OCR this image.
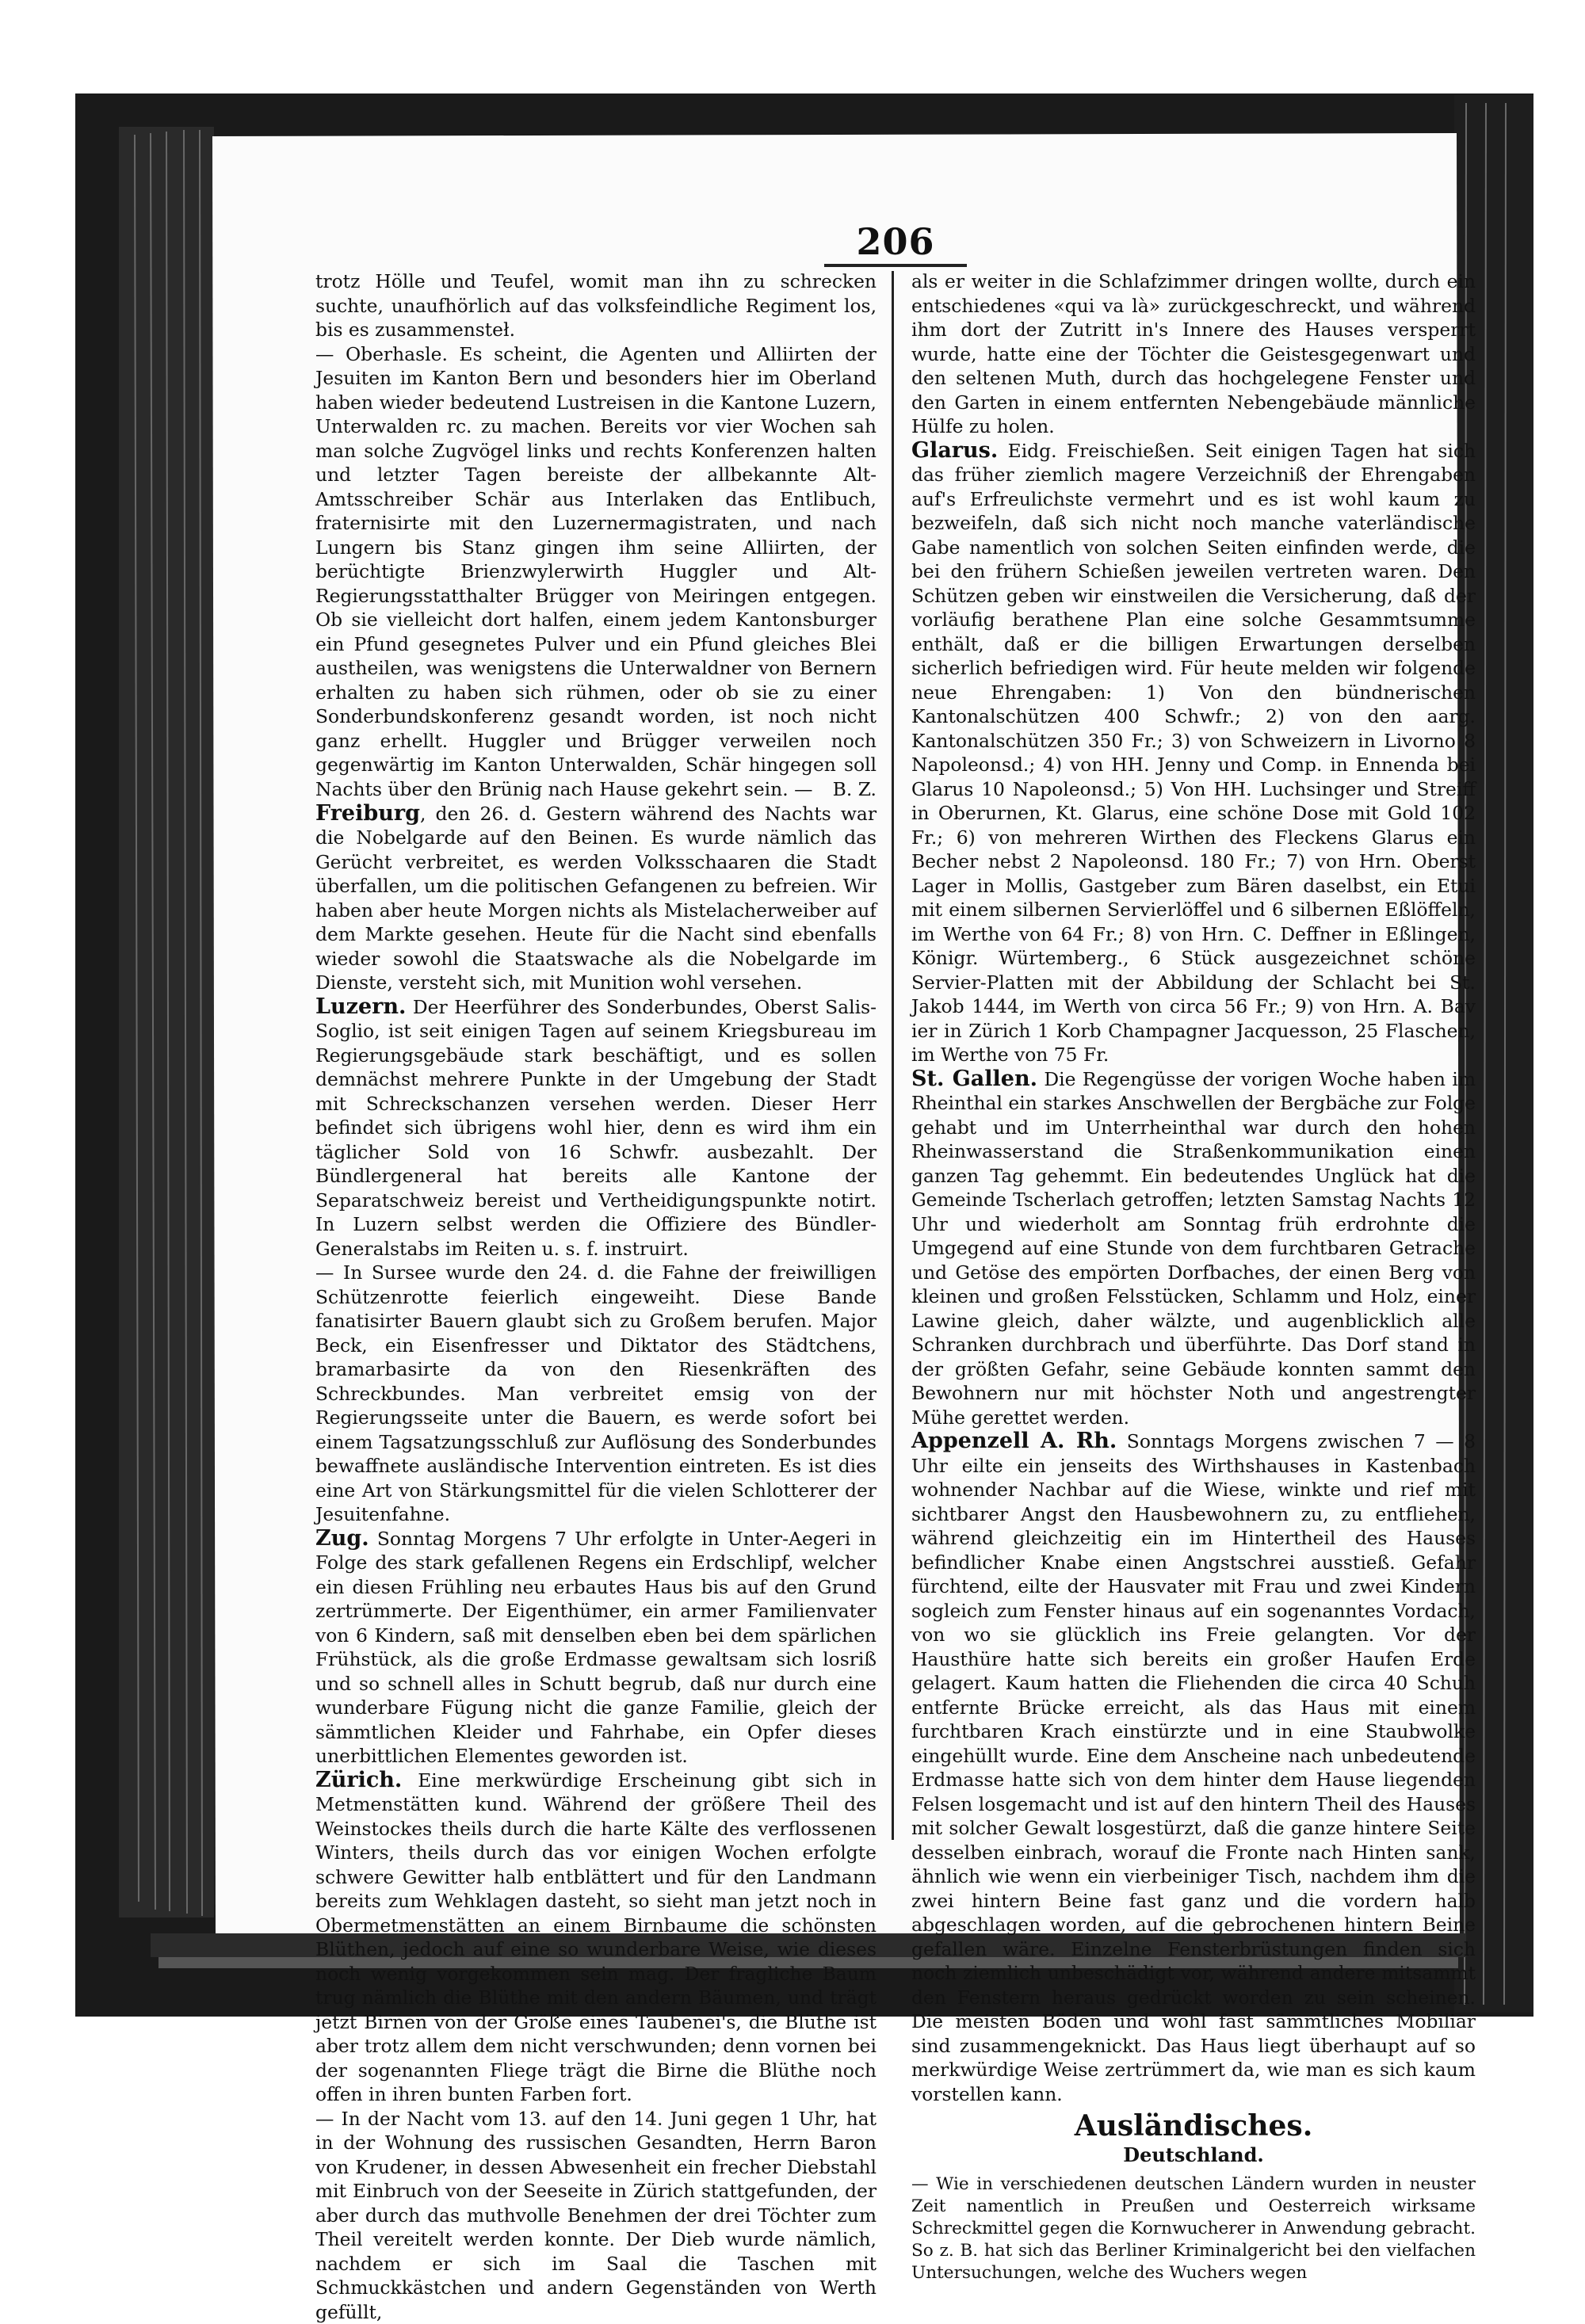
206

trotz Hölle und Teufel, womit man ihn zu schrecken suchte, unaufhörlich auf das volksfeindliche Regiment los, bis es zusammensteł.

— Oberhasle. Es scheint, die Agenten und Alliirten der Jesuiten im Kanton Bern und besonders hier im Oberland haben wieder bedeutend Lustreisen in die Kantone Luzern, Unterwalden rc. zu machen. Bereits vor vier Wochen sah man solche Zugvögel links und rechts Konferenzen halten und letzter Tagen bereiste der allbekannte Alt-Amtsschreiber Schär aus Interlaken das Entlibuch, fraternisirte mit den Luzernermagistraten, und nach Lungern bis Stanz gingen ihm seine Alliirten, der berüchtigte Brienzwylerwirth Huggler und Alt-Regierungsstatthalter Brügger von Meiringen entgegen. Ob sie vielleicht dort halfen, einem jedem Kantonsburger ein Pfund gesegnetes Pulver und ein Pfund gleiches Blei austheilen, was wenigstens die Unterwaldner von Bernern erhalten zu haben sich rühmen, oder ob sie zu einer Sonderbundskonferenz gesandt worden, ist noch nicht ganz erhellt. Huggler und Brügger verweilen noch gegenwärtig im Kanton Unterwalden, Schär hingegen soll Nachts über den Brünig nach Hause gekehrt sein. —	B. Z.

Freiburg, den 26. d. Gestern während des Nachts war die Nobelgarde auf den Beinen. Es wurde nämlich das Gerücht verbreitet, es werden Volksschaaren die Stadt überfallen, um die politischen Gefangenen zu befreien. Wir haben aber heute Morgen nichts als Mistelacherweiber auf dem Markte gesehen. Heute für die Nacht sind ebenfalls wieder sowohl die Staatswache als die Nobelgarde im Dienste, versteht sich, mit Munition wohl versehen.

Luzern. Der Heerführer des Sonderbundes, Oberst Salis-Soglio, ist seit einigen Tagen auf seinem Kriegsbureau im Regierungsgebäude stark beschäftigt, und es sollen demnächst mehrere Punkte in der Umgebung der Stadt mit Schreckschanzen versehen werden. Dieser Herr befindet sich übrigens wohl hier, denn es wird ihm ein täglicher Sold von 16 Schwfr. ausbezahlt. Der Bündlergeneral hat bereits alle Kantone der Separatschweiz bereist und Vertheidigungspunkte notirt. In Luzern selbst werden die Offiziere des Bündler-Generalstabs im Reiten u. s. f. instruirt.

— In Sursee wurde den 24. d. die Fahne der freiwilligen Schützenrotte feierlich eingeweiht. Diese Bande fanatisirter Bauern glaubt sich zu Großem berufen. Major Beck, ein Eisenfresser und Diktator des Städtchens, bramarbasirte da von den Riesenkräften des Schreckbundes. Man verbreitet emsig von der Regierungsseite unter die Bauern, es werde sofort bei einem Tagsatzungsschluß zur Auflösung des Sonderbundes bewaffnete ausländische Intervention eintreten. Es ist dies eine Art von Stärkungsmittel für die vielen Schlotterer der Jesuitenfahne.

Zug. Sonntag Morgens 7 Uhr erfolgte in Unter-Aegeri in Folge des stark gefallenen Regens ein Erdschlipf, welcher ein diesen Frühling neu erbautes Haus bis auf den Grund zertrümmerte. Der Eigenthümer, ein armer Familienvater von 6 Kindern, saß mit denselben eben bei dem spärlichen Frühstück, als die große Erdmasse gewaltsam sich losriß und so schnell alles in Schutt begrub, daß nur durch eine wunderbare Fügung nicht die ganze Familie, gleich der sämmtlichen Kleider und Fahrhabe, ein Opfer dieses unerbittlichen Elementes geworden ist.

Zürich. Eine merkwürdige Erscheinung gibt sich in Metmenstätten kund. Während der größere Theil des Weinstockes theils durch die harte Kälte des verflossenen Winters, theils durch das vor einigen Wochen erfolgte schwere Gewitter halb entblättert und für den Landmann bereits zum Wehklagen dasteht, so sieht man jetzt noch in Obermetmenstätten an einem Birnbaume die schönsten Blüthen, jedoch auf eine so wunderbare Weise, wie dieses noch wenig vorgekommen sein mag. Der fragliche Baum trug nämlich die Blüthe mit den andern Bäumen, und trägt jetzt Birnen von der Größe eines Taubenei's, die Blüthe ist aber trotz allem dem nicht verschwunden; denn vornen bei der sogenannten Fliege trägt die Birne die Blüthe noch offen in ihren bunten Farben fort.

— In der Nacht vom 13. auf den 14. Juni gegen 1 Uhr, hat in der Wohnung des russischen Gesandten, Herrn Baron von Krudener, in dessen Abwesenheit ein frecher Diebstahl mit Einbruch von der Seeseite in Zürich stattgefunden, der aber durch das muthvolle Benehmen der drei Töchter zum Theil vereitelt werden konnte. Der Dieb wurde nämlich, nachdem er sich im Saal die Taschen mit Schmuckkästchen und andern Gegenständen von Werth gefüllt,

als er weiter in die Schlafzimmer dringen wollte, durch ein entschiedenes «qui va là» zurückgeschreckt, und während ihm dort der Zutritt in's Innere des Hauses versperrt wurde, hatte eine der Töchter die Geistesgegenwart und den seltenen Muth, durch das hochgelegene Fenster und den Garten in einem entfernten Nebengebäude männliche Hülfe zu holen.

Glarus. Eidg. Freischießen. Seit einigen Tagen hat sich das früher ziemlich magere Verzeichniß der Ehrengaben auf's Erfreulichste vermehrt und es ist wohl kaum zu bezweifeln, daß sich nicht noch manche vaterländische Gabe namentlich von solchen Seiten einfinden werde, die bei den frühern Schießen jeweilen vertreten waren. Den Schützen geben wir einstweilen die Versicherung, daß der vorläufig berathene Plan eine solche Gesammtsumme enthält, daß er die billigen Erwartungen derselben sicherlich befriedigen wird. Für heute melden wir folgende neue Ehrengaben: 1) Von den bündnerischen Kantonalschützen 400 Schwfr.; 2) von den aarg. Kantonalschützen 350 Fr.; 3) von Schweizern in Livorno 8 Napoleonsd.; 4) von HH. Jenny und Comp. in Ennenda bei Glarus 10 Napoleonsd.; 5) Von HH. Luchsinger und Streiff in Oberurnen, Kt. Glarus, eine schöne Dose mit Gold 102 Fr.; 6) von mehreren Wirthen des Fleckens Glarus ein Becher nebst 2 Napoleonsd. 180 Fr.; 7) von Hrn. Oberst Lager in Mollis, Gastgeber zum Bären daselbst, ein Etui mit einem silbernen Servierlöffel und 6 silbernen Eßlöffeln, im Werthe von 64 Fr.; 8) von Hrn. C. Deffner in Eßlingen, Königr. Würtemberg., 6 Stück ausgezeichnet schöne Servier-Platten mit der Abbildung der Schlacht bei St. Jakob 1444, im Werth von circa 56 Fr.; 9) von Hrn. A. Bav ier in Zürich 1 Korb Champagner Jacquesson, 25 Flaschen, im Werthe von 75 Fr.

St. Gallen. Die Regengüsse der vorigen Woche haben im Rheinthal ein starkes Anschwellen der Bergbäche zur Folge gehabt und im Unterrheinthal war durch den hohen Rheinwasserstand die Straßenkommunikation einen ganzen Tag gehemmt. Ein bedeutendes Unglück hat die Gemeinde Tscherlach getroffen; letzten Samstag Nachts 12 Uhr und wiederholt am Sonntag früh erdrohnte die Umgegend auf eine Stunde von dem furchtbaren Getrache und Getöse des empörten Dorfbaches, der einen Berg von kleinen und großen Felsstücken, Schlamm und Holz, einer Lawine gleich, daher wälzte, und augenblicklich alle Schranken durchbrach und überführte. Das Dorf stand in der größten Gefahr, seine Gebäude konnten sammt den Bewohnern nur mit höchster Noth und angestrengter Mühe gerettet werden.

Appenzell A. Rh. Sonntags Morgens zwischen 7 — 8 Uhr eilte ein jenseits des Wirthshauses in Kastenbach wohnender Nachbar auf die Wiese, winkte und rief mit sichtbarer Angst den Hausbewohnern zu, zu entfliehen, während gleichzeitig ein im Hintertheil des Hauses befindlicher Knabe einen Angstschrei ausstieß. Gefahr fürchtend, eilte der Hausvater mit Frau und zwei Kindern sogleich zum Fenster hinaus auf ein sogenanntes Vordach, von wo sie glücklich ins Freie gelangten. Vor der Hausthüre hatte sich bereits ein großer Haufen Erde gelagert. Kaum hatten die Fliehenden die circa 40 Schuh entfernte Brücke erreicht, als das Haus mit einem furchtbaren Krach einstürzte und in eine Staubwolke eingehüllt wurde. Eine dem Anscheine nach unbedeutende Erdmasse hatte sich von dem hinter dem Hause liegenden Felsen losgemacht und ist auf den hintern Theil des Hauses mit solcher Gewalt losgestürzt, daß die ganze hintere Seite desselben einbrach, worauf die Fronte nach Hinten sank, ähnlich wie wenn ein vierbeiniger Tisch, nachdem ihm die zwei hintern Beine fast ganz und die vordern halb abgeschlagen worden, auf die gebrochenen hintern Beine gefallen wäre. Einzelne Fensterbrüstungen finden sich noch ziemlich unbeschädigt vor, während andere mitsammt den Fenstern heraus gedrückt worden zu sein scheinen. Die meisten Böden und wohl fast sämmtliches Mobiliar sind zusammengeknickt. Das Haus liegt überhaupt auf so merkwürdige Weise zertrümmert da, wie man es sich kaum vorstellen kann.

Ausländisches.
Deutschland.

— Wie in verschiedenen deutschen Ländern wurden in neuster Zeit namentlich in Preußen und Oesterreich wirksame Schreckmittel gegen die Kornwucherer in Anwendung gebracht. So z. B. hat sich das Berliner Kriminalgericht bei den vielfachen Untersuchungen, welche des Wuchers wegen
